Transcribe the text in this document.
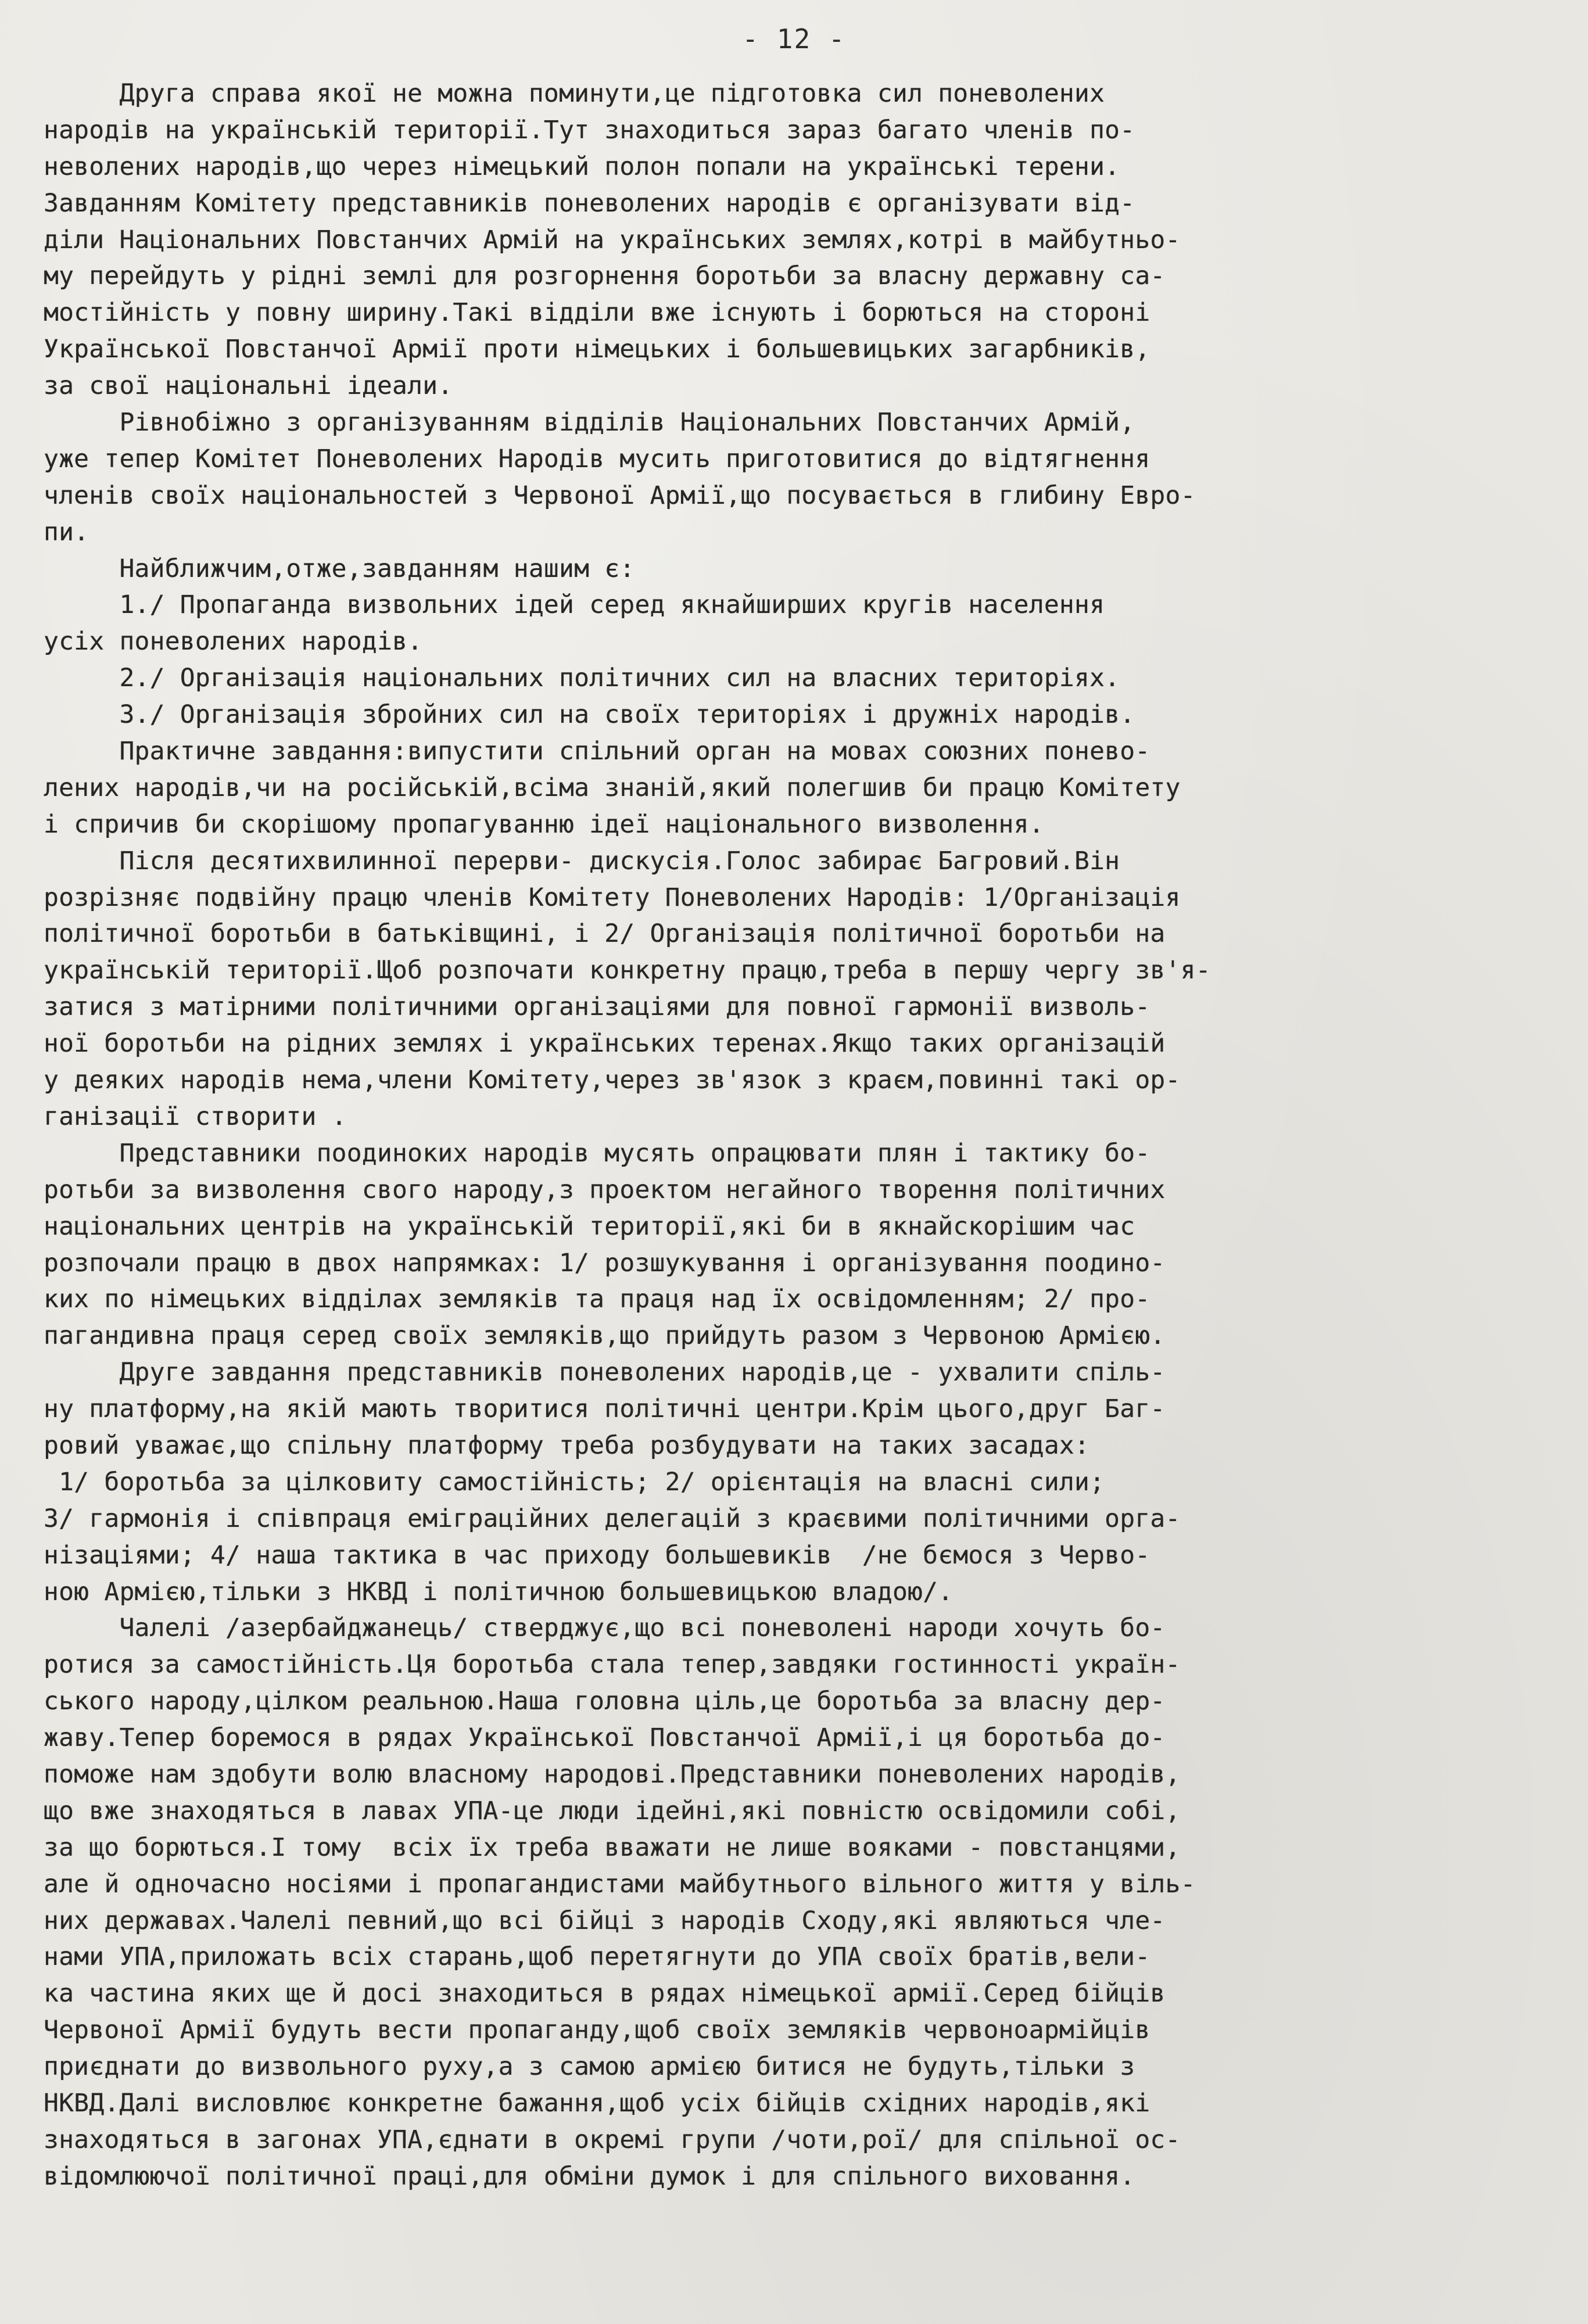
- 12 -
Друга справа якої не можна поминути,це підготовка сил поневолених
народів на українській території.Тут знаходиться зараз багато членів по-
неволених народів,що через німецький полон попали на українські терени.
Завданням Комітету представників поневолених народів є організувати від-
діли Національних Повстанчих Армій на українських землях,котрі в майбутньо-
му перейдуть у рідні землі для розгорнення боротьби за власну державну са-
мостійність у повну ширину.Такі відділи вже існують і борються на стороні
Української Повстанчої Армії проти німецьких і большевицьких загарбників,
за свої національні ідеали.
Рівнобіжно з організуванням відділів Національних Повстанчих Армій,
уже тепер Комітет Поневолених Народів мусить приготовитися до відтягнення
членів своїх національностей з Червоної Армії,що посувається в глибину Евро-
пи.
Найближчим,отже,завданням нашим є:
1./ Пропаганда визвольних ідей серед якнайширших кругів населення
усіх поневолених народів.
2./ Організація національних політичних сил на власних територіях.
3./ Організація збройних сил на своїх територіях і дружніх народів.
Практичне завдання:випустити спільний орган на мовах союзних понево-
лених народів,чи на російській,всіма знаній,який полегшив би працю Комітету
і спричив би скорішому пропагуванню ідеї національного визволення.
Після десятихвилинної перерви- дискусія.Голос забирає Багровий.Він
розрізняє подвійну працю членів Комітету Поневолених Народів: 1/Організація
політичної боротьби в батьківщині, і 2/ Організація політичної боротьби на
українській території.Щоб розпочати конкретну працю,треба в першу чергу зв'я-
затися з матірними політичними організаціями для повної гармонії визволь-
ної боротьби на рідних землях і українських теренах.Якщо таких організацій
у деяких народів нема,члени Комітету,через зв'язок з краєм,повинні такі ор-
ганізації створити .
Представники поодиноких народів мусять опрацювати плян і тактику бо-
ротьби за визволення свого народу,з проектом негайного творення політичних
національних центрів на українській території,які би в якнайскорішим час
розпочали працю в двох напрямках: 1/ розшукування і організування поодино-
ких по німецьких відділах земляків та праця над їх освідомленням; 2/ про-
пагандивна праця серед своїх земляків,що прийдуть разом з Червоною Армією.
Друге завдання представників поневолених народів,це - ухвалити спіль-
ну платформу,на якій мають творитися політичні центри.Крім цього,друг Баг-
ровий уважає,що спільну платформу треба розбудувати на таких засадах:
1/ боротьба за цілковиту самостійність; 2/ орієнтація на власні сили;
3/ гармонія і співпраця еміграційних делегацій з краєвими політичними орга-
нізаціями; 4/ наша тактика в час приходу большевиків  /не бємося з Черво-
ною Армією,тільки з НКВД і політичною большевицькою владою/.
Чалелі /азербайджанець/ стверджує,що всі поневолені народи хочуть бо-
ротися за самостійність.Ця боротьба стала тепер,завдяки гостинності україн-
ського народу,цілком реальною.Наша головна ціль,це боротьба за власну дер-
жаву.Тепер боремося в рядах Української Повстанчої Армії,і ця боротьба до-
поможе нам здобути волю власному народові.Представники поневолених народів,
що вже знаходяться в лавах УПА-це люди ідейні,які повністю освідомили собі,
за що борються.І тому  всіх їх треба вважати не лише вояками - повстанцями,
але й одночасно носіями і пропагандистами майбутнього вільного життя у віль-
них державах.Чалелі певний,що всі бійці з народів Сходу,які являються чле-
нами УПА,приложать всіх старань,щоб перетягнути до УПА своїх братів,вели-
ка частина яких ще й досі знаходиться в рядах німецької армії.Серед бійців
Червоної Армії будуть вести пропаганду,щоб своїх земляків червоноармійців
приєднати до визвольного руху,а з самою армією битися не будуть,тільки з
НКВД.Далі висловлює конкретне бажання,щоб усіх бійців східних народів,які
знаходяться в загонах УПА,єднати в окремі групи /чоти,рої/ для спільної ос-
відомлюючої політичної праці,для обміни думок і для спільного виховання.
